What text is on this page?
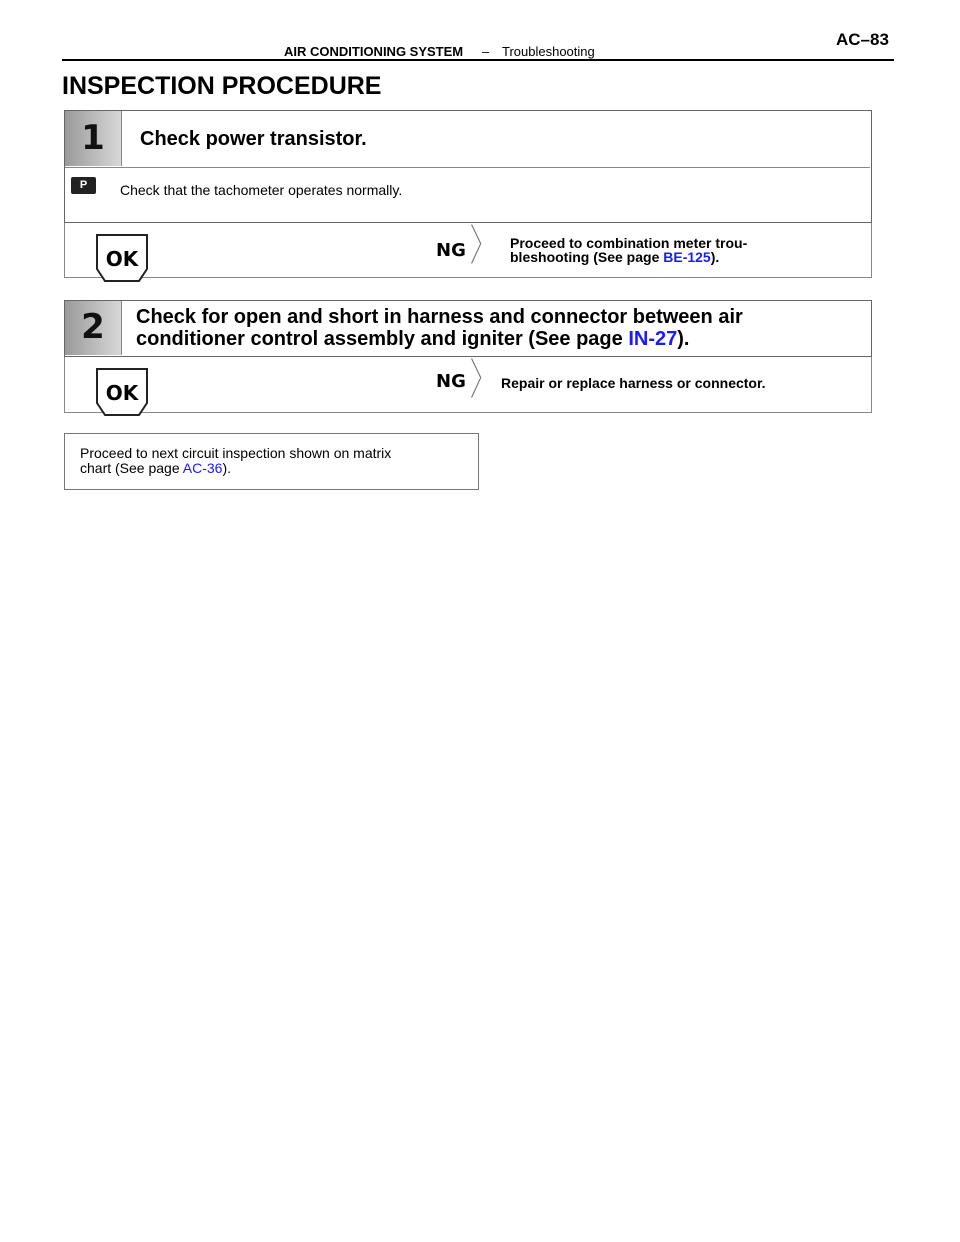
AIR CONDITIONING SYSTEM – Troubleshooting
AC–83
INSPECTION PROCEDURE
1	Check power transistor.
P	Check that the tachometer operates normally.
OK	NG	Proceed to combination meter trou-
bleshooting (See page BE-125).
2	Check for open and short in harness and connector between air
conditioner control assembly and igniter (See page IN-27).
OK	NG	Repair or replace harness or connector.
Proceed to next circuit inspection shown on matrix
chart (See page AC-36).
